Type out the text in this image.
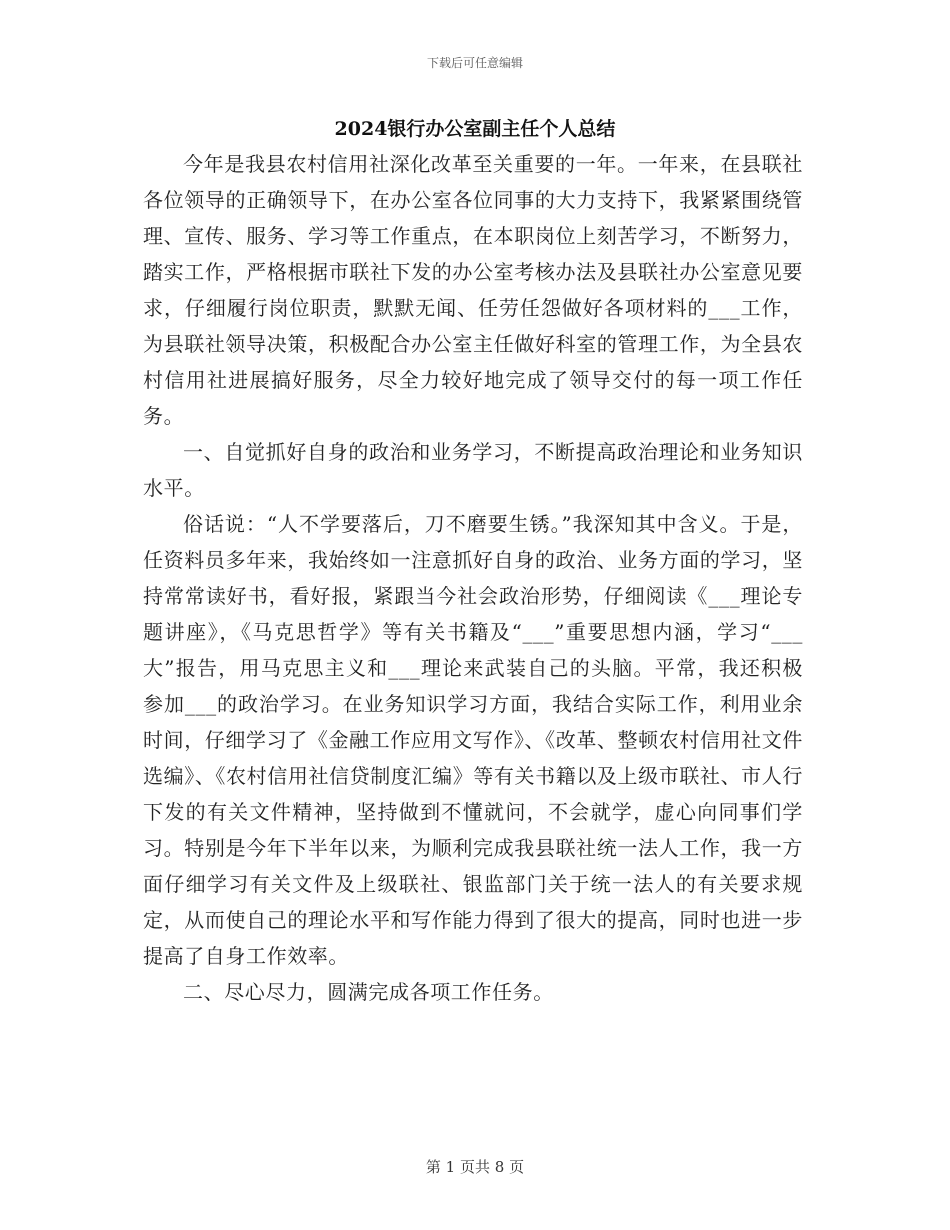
下载后可任意编辑
2024银行办公室副主任个人总结

今年是我县农村信用社深化改革至关重要的一年。一年来，在县联社各位领导的正确领导下，在办公室各位同事的大力支持下，我紧紧围绕管理、宣传、服务、学习等工作重点，在本职岗位上刻苦学习，不断努力，踏实工作，严格根据市联社下发的办公室考核办法及县联社办公室意见要求，仔细履行岗位职责，默默无闻、任劳任怨做好各项材料的___工作，为县联社领导决策，积极配合办公室主任做好科室的管理工作，为全县农村信用社进展搞好服务，尽全力较好地完成了领导交付的每一项工作任务。

一、自觉抓好自身的政治和业务学习，不断提高政治理论和业务知识水平。

俗话说：“人不学要落后，刀不磨要生锈。”我深知其中含义。于是，任资料员多年来，我始终如一注意抓好自身的政治、业务方面的学习，坚持常常读好书，看好报，紧跟当今社会政治形势，仔细阅读《___理论专题讲座》，《马克思哲学》等有关书籍及“___”重要思想内涵，学习“___大”报告，用马克思主义和___理论来武装自己的头脑。平常，我还积极参加___的政治学习。在业务知识学习方面，我结合实际工作，利用业余时间，仔细学习了《金融工作应用文写作》、《改革、整顿农村信用社文件选编》、《农村信用社信贷制度汇编》等有关书籍以及上级市联社、市人行下发的有关文件精神，坚持做到不懂就问，不会就学，虚心向同事们学习。特别是今年下半年以来，为顺利完成我县联社统一法人工作，我一方面仔细学习有关文件及上级联社、银监部门关于统一法人的有关要求规定，从而使自己的理论水平和写作能力得到了很大的提高，同时也进一步提高了自身工作效率。

二、尽心尽力，圆满完成各项工作任务。

第 1 页共 8 页
